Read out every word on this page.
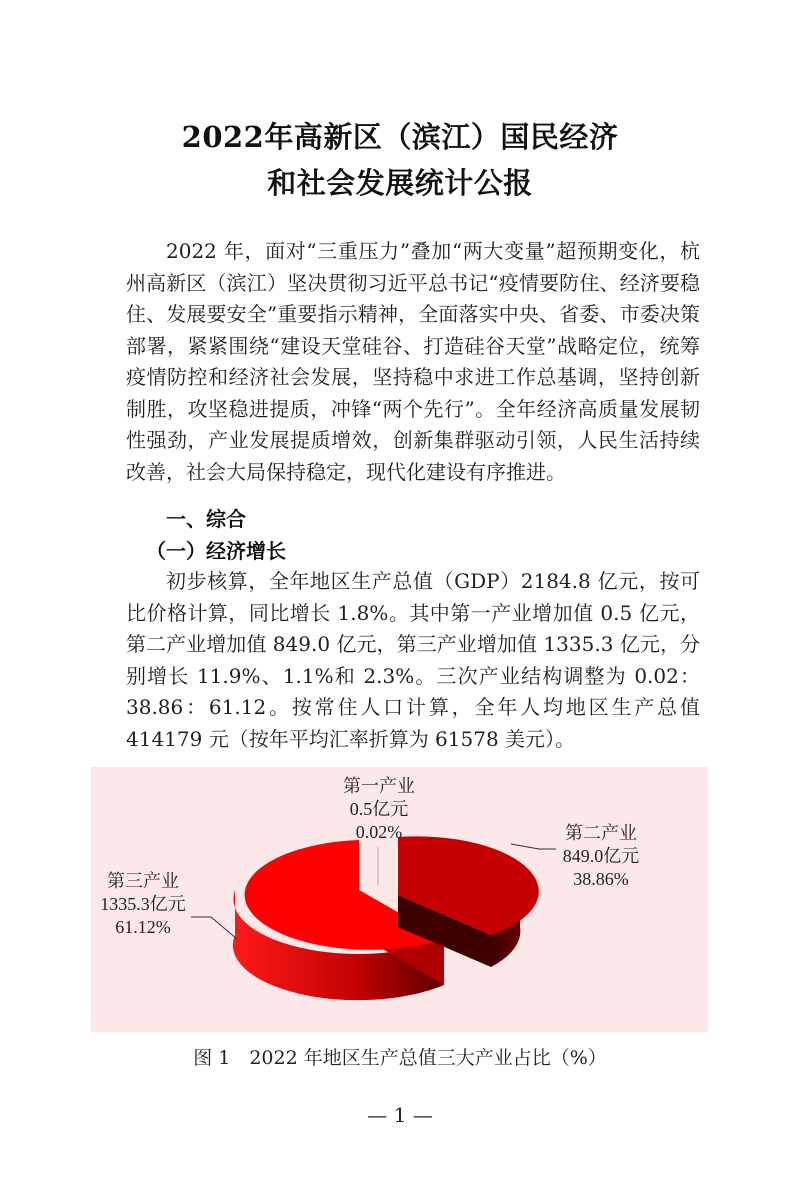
2022年高新区（滨江）国民经济
和社会发展统计公报
2022 年，面对“三重压力”叠加“两大变量”超预期变化，杭州高新区（滨江）坚决贯彻习近平总书记“疫情要防住、经济要稳住、发展要安全”重要指示精神，全面落实中央、省委、市委决策部署，紧紧围绕“建设天堂硅谷、打造硅谷天堂”战略定位，统筹疫情防控和经济社会发展，坚持稳中求进工作总基调，坚持创新制胜，攻坚稳进提质，冲锋“两个先行”。全年经济高质量发展韧性强劲，产业发展提质增效，创新集群驱动引领，人民生活持续改善，社会大局保持稳定，现代化建设有序推进。
一、综合
（一）经济增长
初步核算，全年地区生产总值（GDP）2184.8 亿元，按可比价格计算，同比增长 1.8%。其中第一产业增加值 0.5 亿元，第二产业增加值 849.0 亿元，第三产业增加值 1335.3 亿元，分别增长 11.9%、1.1%和 2.3%。三次产业结构调整为 0.02：38.86：61.12。按常住人口计算，全年人均地区生产总值 414179 元（按年平均汇率折算为 61578 美元）。
第一产业
0.5亿元
0.02%	第二产业
849.0亿元
38.86%
第三产业
1335.3亿元
61.12%
图 1　2022 年地区生产总值三大产业占比（%）
— 1 —
